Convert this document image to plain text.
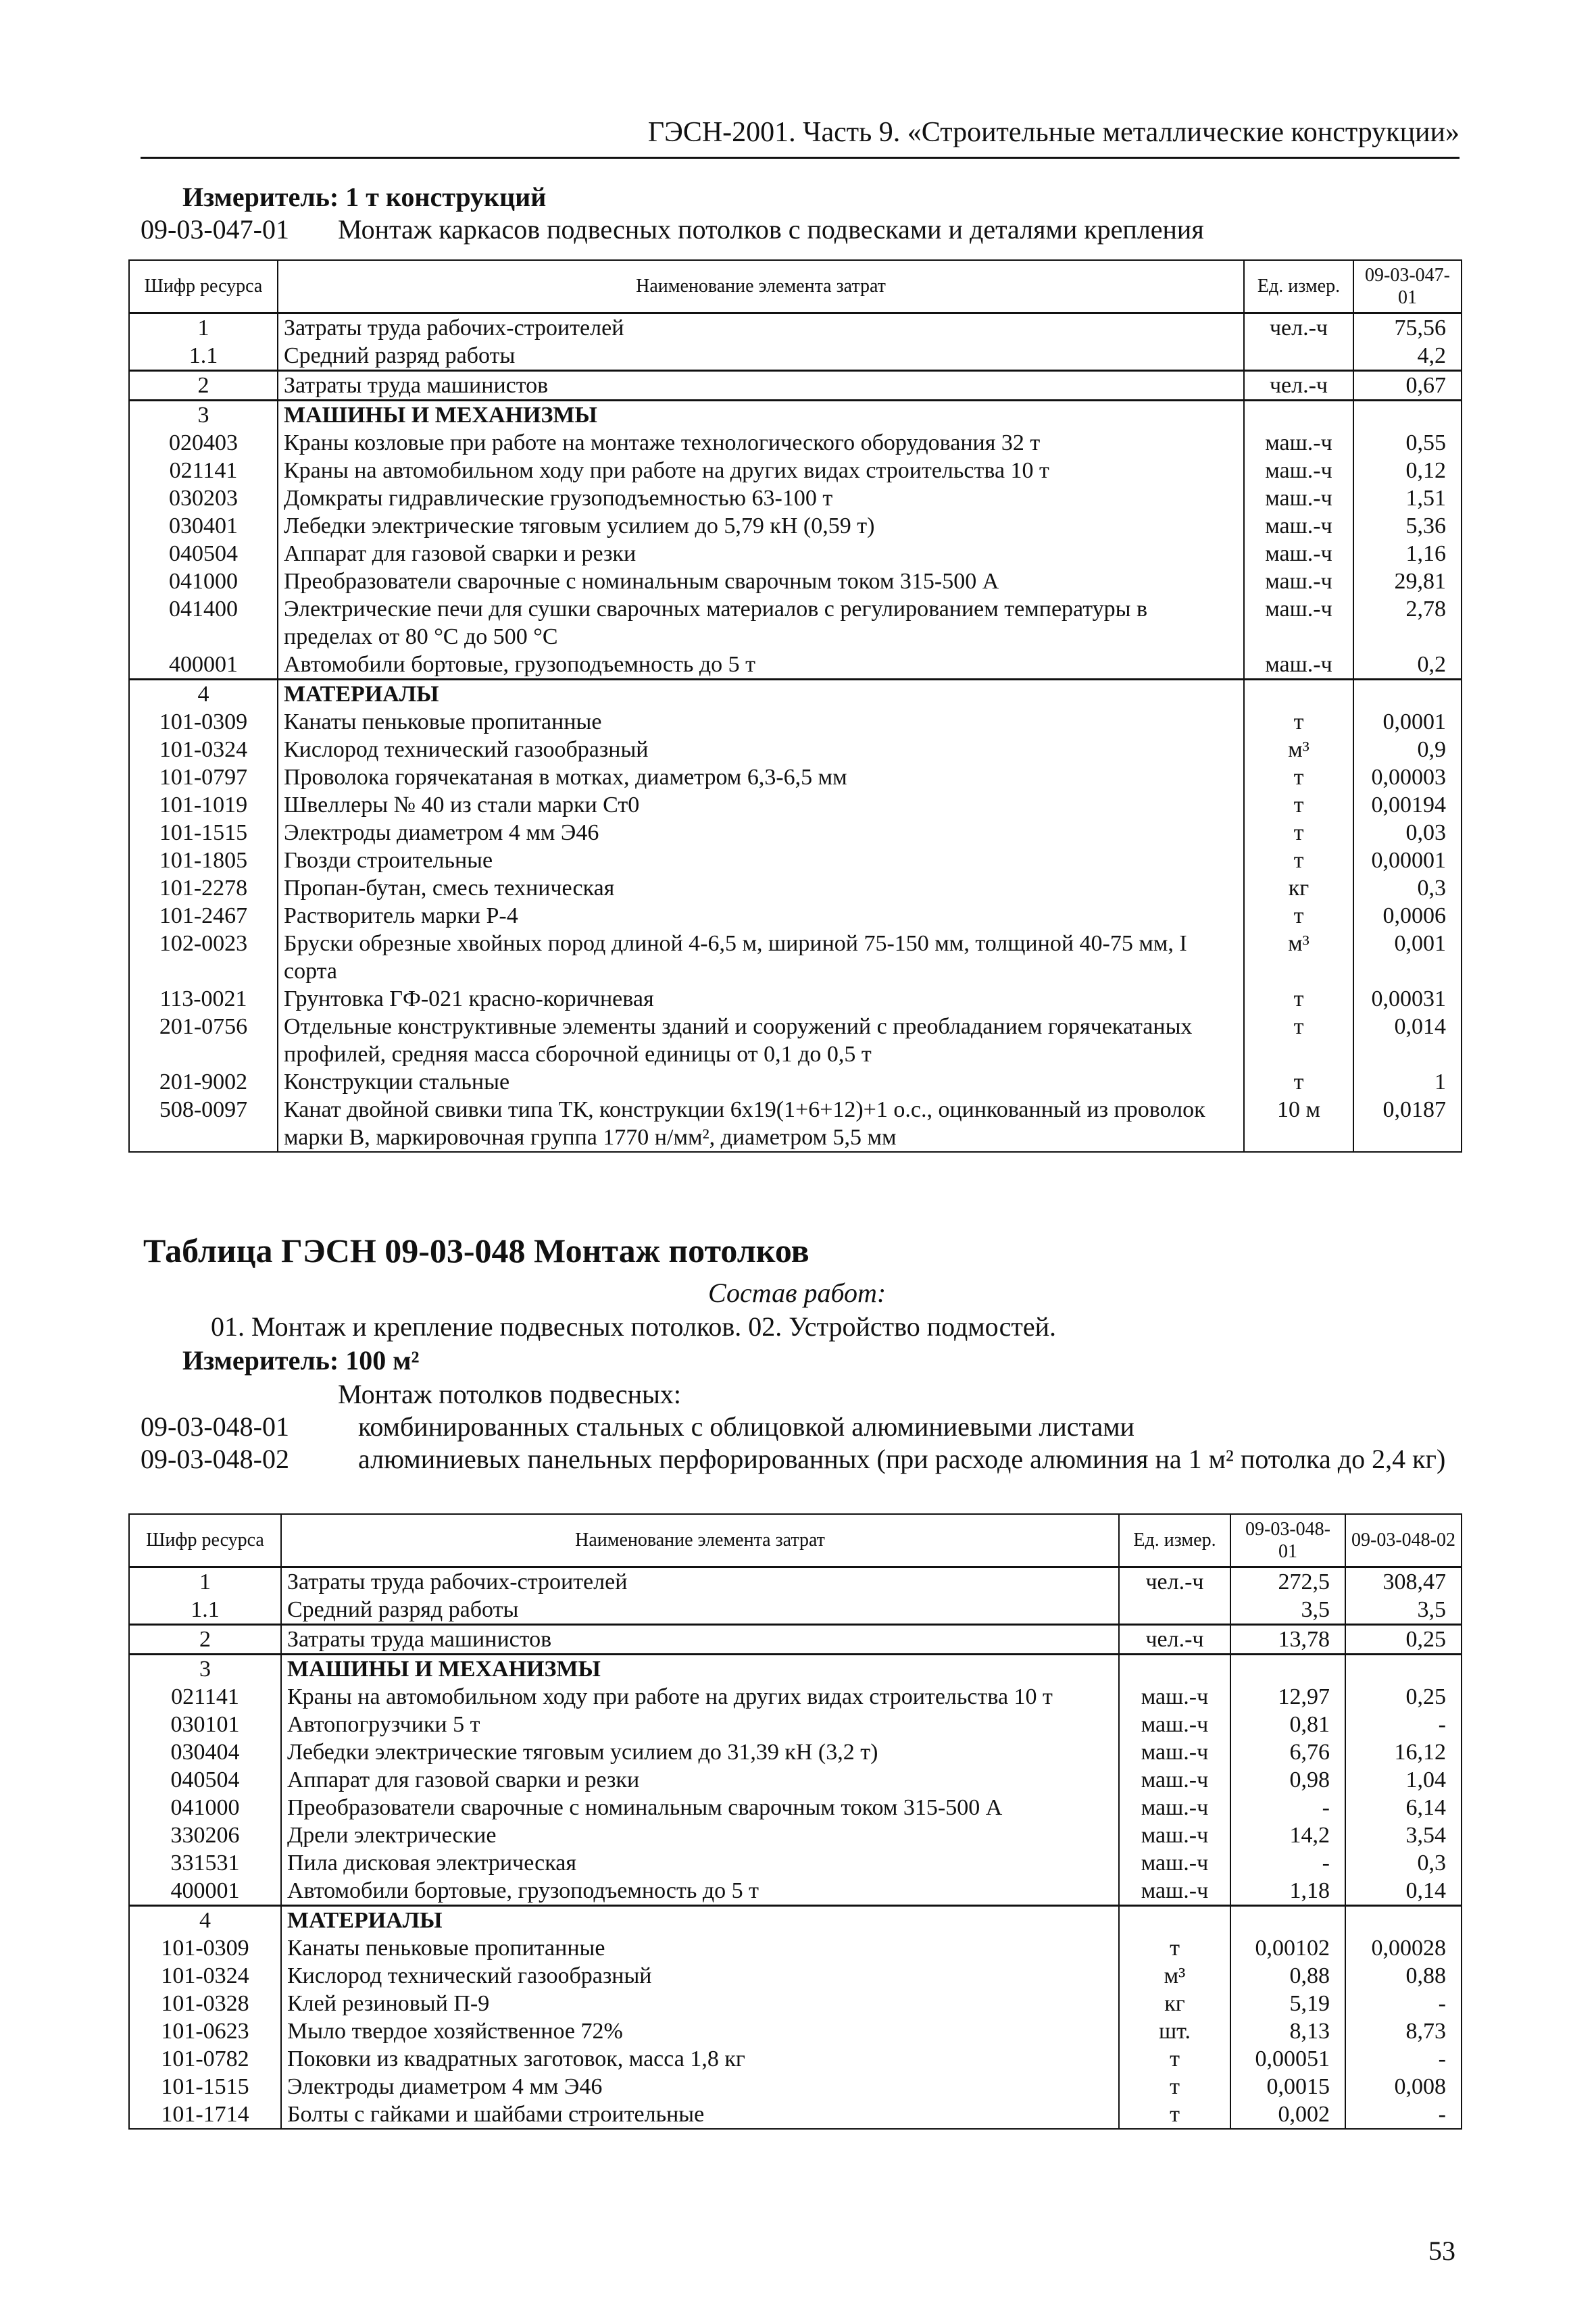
ГЭСН-2001. Часть 9. «Строительные металлические конструкции»
Измеритель: 1 т конструкций
09-03-047-01 Монтаж каркасов подвесных потолков с подвесками и деталями крепления
Шифр ресурса	Наименование элемента затрат	Ед. измер.	09-03-047-01
1	Затраты труда рабочих-строителей	чел.-ч	75,56
1.1	Средний разряд работы		4,2
2	Затраты труда машинистов	чел.-ч	0,67
3	МАШИНЫ И МЕХАНИЗМЫ		
020403	Краны козловые при работе на монтаже технологического оборудования 32 т	маш.-ч	0,55
021141	Краны на автомобильном ходу при работе на других видах строительства 10 т	маш.-ч	0,12
030203	Домкраты гидравлические грузоподъемностью 63-100 т	маш.-ч	1,51
030401	Лебедки электрические тяговым усилием до 5,79 кН (0,59 т)	маш.-ч	5,36
040504	Аппарат для газовой сварки и резки	маш.-ч	1,16
041000	Преобразователи сварочные с номинальным сварочным током 315-500 А	маш.-ч	29,81
041400	Электрические печи для сушки сварочных материалов с регулированием температуры в пределах от 80 °С до 500 °С	маш.-ч	2,78
400001	Автомобили бортовые, грузоподъемность до 5 т	маш.-ч	0,2
4	МАТЕРИАЛЫ		
101-0309	Канаты пеньковые пропитанные	т	0,0001
101-0324	Кислород технический газообразный	м³	0,9
101-0797	Проволока горячекатаная в мотках, диаметром 6,3-6,5 мм	т	0,00003
101-1019	Швеллеры № 40 из стали марки Ст0	т	0,00194
101-1515	Электроды диаметром 4 мм Э46	т	0,03
101-1805	Гвозди строительные	т	0,00001
101-2278	Пропан-бутан, смесь техническая	кг	0,3
101-2467	Растворитель марки Р-4	т	0,0006
102-0023	Бруски обрезные хвойных пород длиной 4-6,5 м, шириной 75-150 мм, толщиной 40-75 мм, I сорта	м³	0,001
113-0021	Грунтовка ГФ-021 красно-коричневая	т	0,00031
201-0756	Отдельные конструктивные элементы зданий и сооружений с преобладанием горячекатаных профилей, средняя масса сборочной единицы от 0,1 до 0,5 т	т	0,014
201-9002	Конструкции стальные	т	1
508-0097	Канат двойной свивки типа ТК, конструкции 6х19(1+6+12)+1 о.с., оцинкованный из проволок марки В, маркировочная группа 1770 н/мм², диаметром 5,5 мм	10 м	0,0187
Таблица ГЭСН 09-03-048 Монтаж потолков
Состав работ:
01. Монтаж и крепление подвесных потолков. 02. Устройство подмостей.
Измеритель: 100 м²
Монтаж потолков подвесных:
09-03-048-01	комбинированных стальных с облицовкой алюминиевыми листами
09-03-048-02	алюминиевых панельных перфорированных (при расходе алюминия на 1 м² потолка до 2,4 кг)
Шифр ресурса	Наименование элемента затрат	Ед. измер.	09-03-048-01	09-03-048-02
1	Затраты труда рабочих-строителей	чел.-ч	272,5	308,47
1.1	Средний разряд работы		3,5	3,5
2	Затраты труда машинистов	чел.-ч	13,78	0,25
3	МАШИНЫ И МЕХАНИЗМЫ			
021141	Краны на автомобильном ходу при работе на других видах строительства 10 т	маш.-ч	12,97	0,25
030101	Автопогрузчики 5 т	маш.-ч	0,81	-
030404	Лебедки электрические тяговым усилием до 31,39 кН (3,2 т)	маш.-ч	6,76	16,12
040504	Аппарат для газовой сварки и резки	маш.-ч	0,98	1,04
041000	Преобразователи сварочные с номинальным сварочным током 315-500 А	маш.-ч	-	6,14
330206	Дрели электрические	маш.-ч	14,2	3,54
331531	Пила дисковая электрическая	маш.-ч	-	0,3
400001	Автомобили бортовые, грузоподъемность до 5 т	маш.-ч	1,18	0,14
4	МАТЕРИАЛЫ			
101-0309	Канаты пеньковые пропитанные	т	0,00102	0,00028
101-0324	Кислород технический газообразный	м³	0,88	0,88
101-0328	Клей резиновый П-9	кг	5,19	-
101-0623	Мыло твердое хозяйственное 72%	шт.	8,13	8,73
101-0782	Поковки из квадратных заготовок, масса 1,8 кг	т	0,00051	-
101-1515	Электроды диаметром 4 мм Э46	т	0,0015	0,008
101-1714	Болты с гайками и шайбами строительные	т	0,002	-
53
